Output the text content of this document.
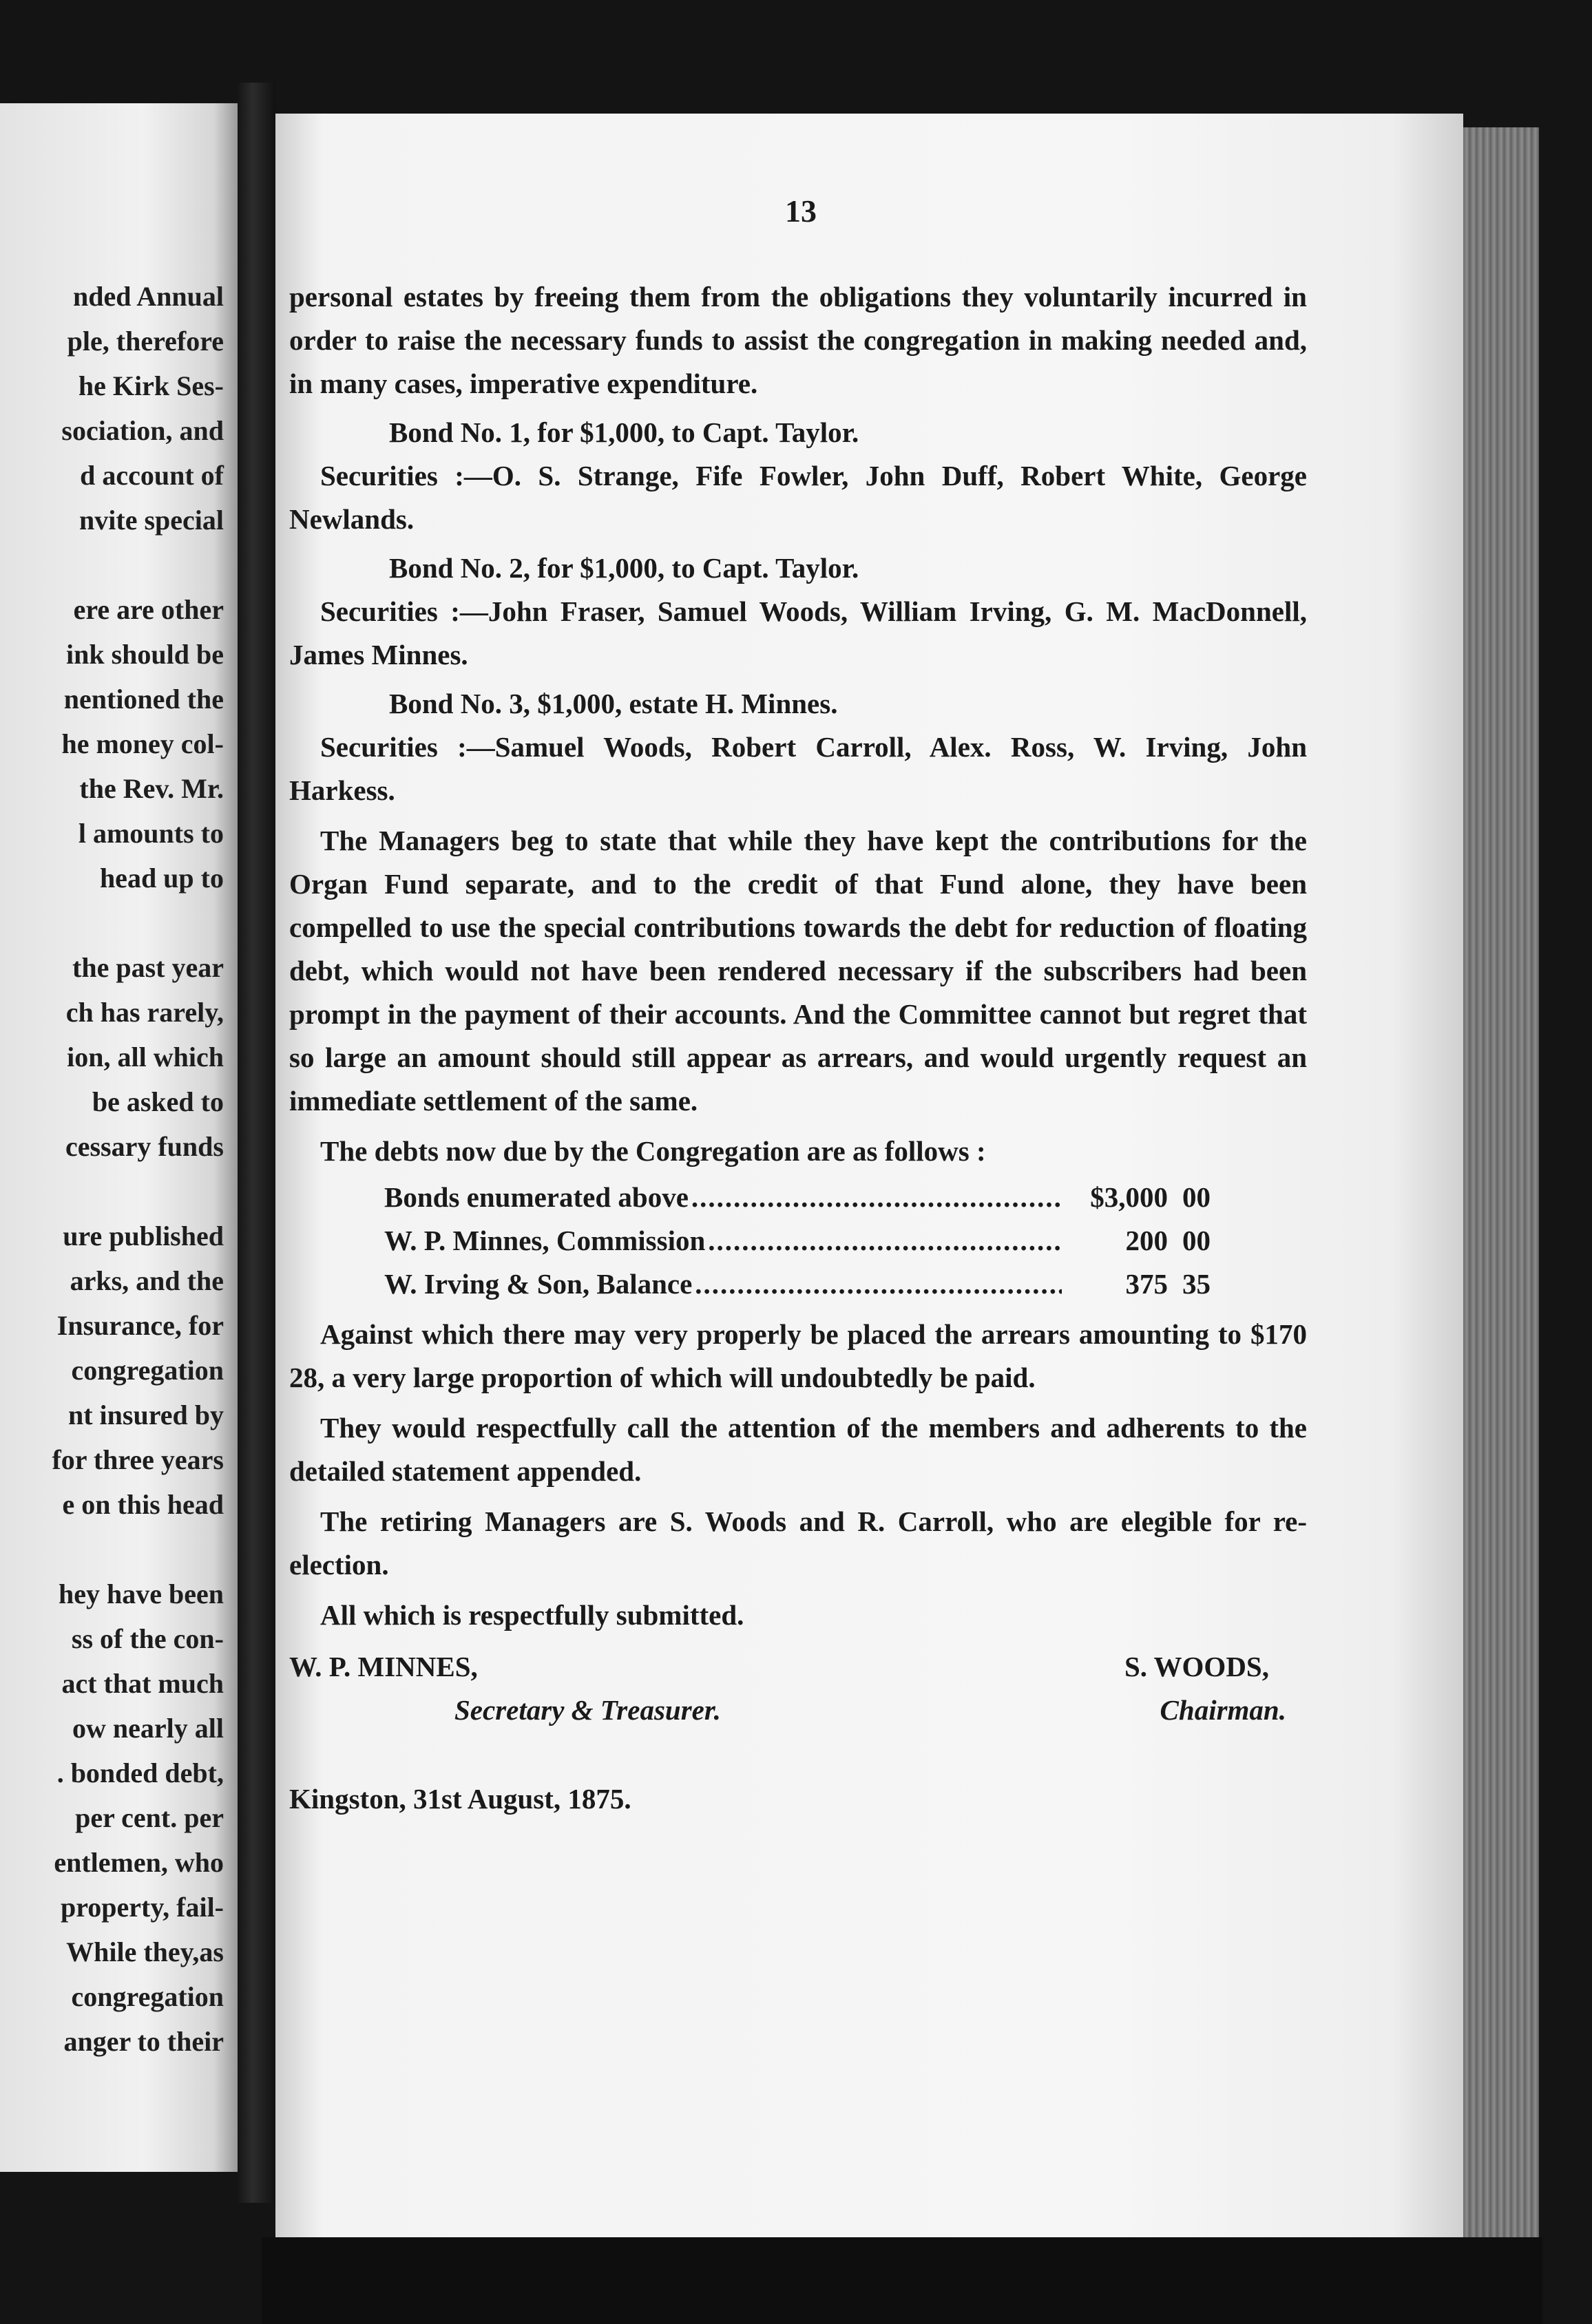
nded Annual
ple, therefore
he Kirk Ses-
sociation, and
d account of
nvite special
ere are other
ink should be
nentioned the
he money col-
the Rev. Mr.
l amounts to
head up to
the past year
ch has rarely,
ion, all which
be asked to
cessary funds
ure published
arks, and the
Insurance, for
congregation
nt insured by
for three years
e on this head
hey have been
ss of the con-
act that much
ow nearly all
. bonded debt,
per cent. per
entlemen, who
property, fail-
While they,as
congregation
anger to their
13

personal estates by freeing them from the obligations they voluntarily incurred in order to raise the necessary funds to assist the congregation in making needed and, in many cases, imperative expenditure.

Bond No. 1, for $1,000, to Capt. Taylor.

Securities :—O. S. Strange, Fife Fowler, John Duff, Robert White, George Newlands.

Bond No. 2, for $1,000, to Capt. Taylor.

Securities :—John Fraser, Samuel Woods, William Irving, G. M. MacDonnell, James Minnes.

Bond No. 3, $1,000, estate H. Minnes.

Securities :—Samuel Woods, Robert Carroll, Alex. Ross, W. Irving, John Harkess.

The Managers beg to state that while they have kept the contributions for the Organ Fund separate, and to the credit of that Fund alone, they have been compelled to use the special contributions towards the debt for reduction of floating debt, which would not have been rendered necessary if the subscribers had been prompt in the payment of their accounts. And the Committee cannot but regret that so large an amount should still appear as arrears, and would urgently request an immediate settlement of the same.

The debts now due by the Congregation are as follows :

Bonds enumerated above .....	$3,000 00
W. P. Minnes, Commission .....	200 00
W. Irving & Son, Balance .....	375 35

Against which there may very properly be placed the arrears amounting to $170 28, a very large proportion of which will undoubtedly be paid.

They would respectfully call the attention of the members and adherents to the detailed statement appended.

The retiring Managers are S. Woods and R. Carroll, who are elegible for re-election.

All which is respectfully submitted.

W. P. MINNES,
Secretary & Treasurer.
S. WOODS,
Chairman.
Kingston, 31st August, 1875.
